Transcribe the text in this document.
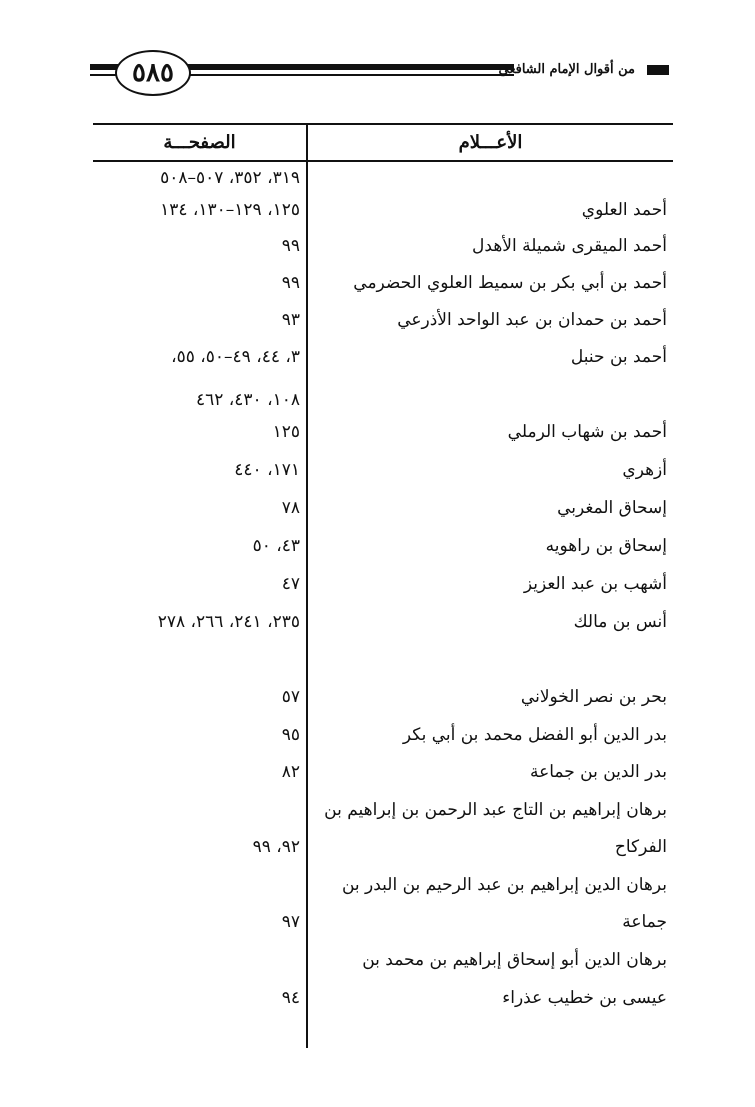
٥٨٥	من أقوال الإمام الشافعي
الأعـــلام
الصفحـــة
٣١٩، ٣٥٢، ٥٠٧–٥٠٨
أحمد العلوي
١٢٥، ١٢٩–١٣٠، ١٣٤
أحمد الميقرى شميلة الأهدل
٩٩
أحمد بن أبي بكر بن سميط العلوي الحضرمي
٩٩
أحمد بن حمدان بن عبد الواحد الأذرعي
٩٣
أحمد بن حنبل
٣، ٤٤، ٤٩–٥٠، ٥٥،
١٠٨، ٤٣٠، ٤٦٢
أحمد بن شهاب الرملي
١٢٥
أزهري
١٧١، ٤٤٠
إسحاق المغربي
٧٨
إسحاق بن راهويه
٤٣، ٥٠
أشهب بن عبد العزيز
٤٧
أنس بن مالك
٢٣٥، ٢٤١، ٢٦٦، ٢٧٨
بحر بن نصر الخولاني
٥٧
بدر الدين أبو الفضل محمد بن أبي بكر
٩٥
بدر الدين بن جماعة
٨٢
برهان إبراهيم بن التاج عبد الرحمن بن إبراهيم بن
الفركاح
٩٢، ٩٩
برهان الدين إبراهيم بن عبد الرحيم بن البدر بن
جماعة
٩٧
برهان الدين أبو إسحاق إبراهيم بن محمد بن
عيسى بن خطيب عذراء
٩٤
